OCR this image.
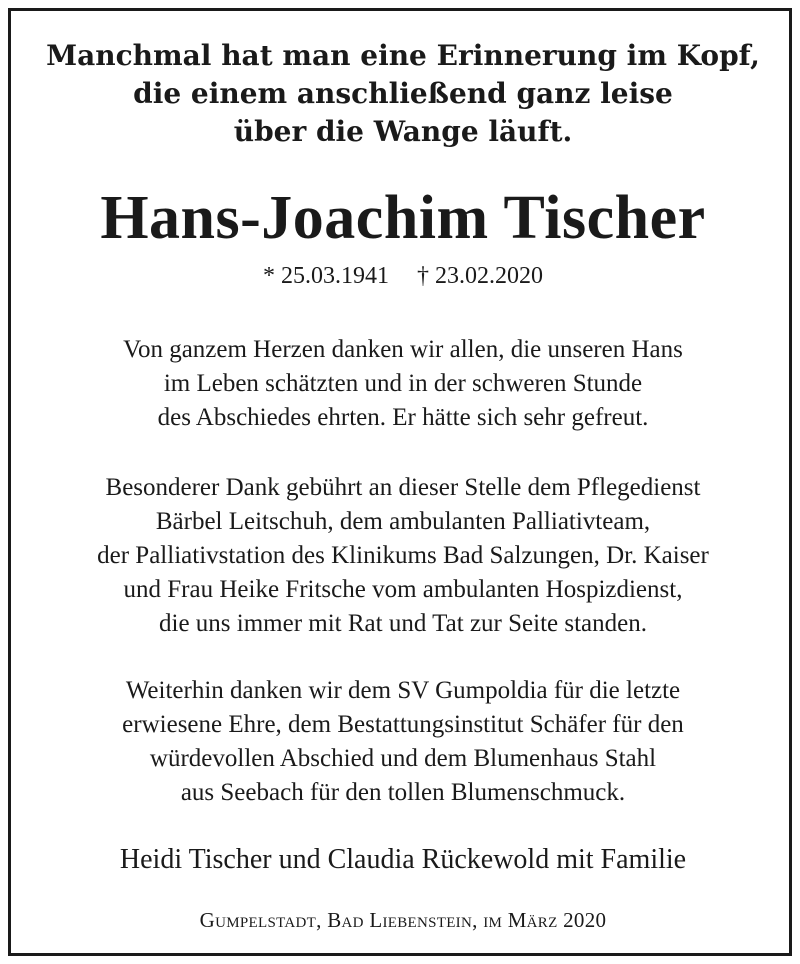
Manchmal hat man eine Erinnerung im Kopf,
die einem anschließend ganz leise
über die Wange läuft.
Hans-Joachim Tischer
* 25.03.1941 † 23.02.2020
Von ganzem Herzen danken wir allen, die unseren Hans
im Leben schätzten und in der schweren Stunde
des Abschiedes ehrten. Er hätte sich sehr gefreut.
Besonderer Dank gebührt an dieser Stelle dem Pflegedienst
Bärbel Leitschuh, dem ambulanten Palliativteam,
der Palliativstation des Klinikums Bad Salzungen, Dr. Kaiser
und Frau Heike Fritsche vom ambulanten Hospizdienst,
die uns immer mit Rat und Tat zur Seite standen.
Weiterhin danken wir dem SV Gumpoldia für die letzte
erwiesene Ehre, dem Bestattungsinstitut Schäfer für den
würdevollen Abschied und dem Blumenhaus Stahl
aus Seebach für den tollen Blumenschmuck.
Heidi Tischer und Claudia Rückewold mit Familie
Gumpelstadt, Bad Liebenstein, im März 2020
